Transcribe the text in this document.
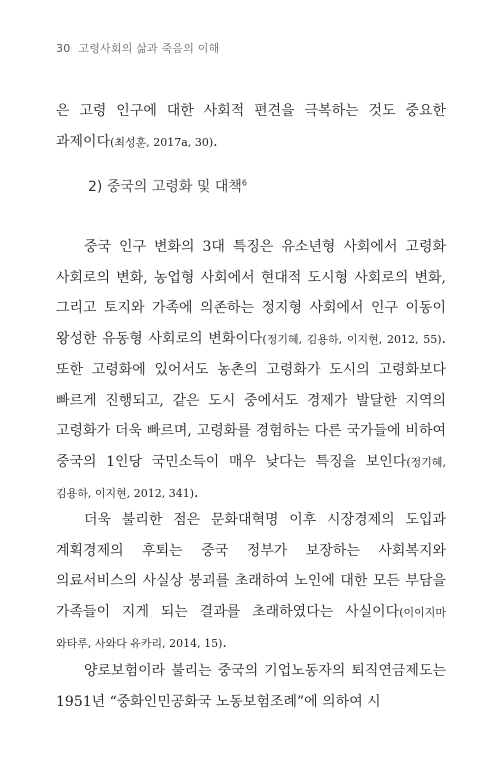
30 고령사회의 삶과 죽음의 이해

은 고령 인구에 대한 사회적 편견을 극복하는 것도 중요한 과제이다(최성훈, 2017a, 30).

2) 중국의 고령화 및 대책$^6$

중국 인구 변화의 3대 특징은 유소년형 사회에서 고령화 사회로의 변화, 농업형 사회에서 현대적 도시형 사회로의 변화, 그리고 토지와 가족에 의존하는 정지형 사회에서 인구 이동이 왕성한 유동형 사회로의 변화이다(정기혜, 김용하, 이지현, 2012, 55). 또한 고령화에 있어서도 농촌의 고령화가 도시의 고령화보다 빠르게 진행되고, 같은 도시 중에서도 경제가 발달한 지역의 고령화가 더욱 빠르며, 고령화를 경험하는 다른 국가들에 비하여 중국의 1인당 국민소득이 매우 낮다는 특징을 보인다(정기혜, 김용하, 이지현, 2012, 341).

더욱 불리한 점은 문화대혁명 이후 시장경제의 도입과 계획경제의 후퇴는 중국 정부가 보장하는 사회복지와 의료서비스의 사실상 붕괴를 초래하여 노인에 대한 모든 부담을 가족들이 지게 되는 결과를 초래하였다는 사실이다(이이지마 와타루, 사와다 유카리, 2014, 15).

양로보험이라 불리는 중국의 기업노동자의 퇴직연금제도는 1951년 “중화인민공화국 노동보험조례”에 의하여 시
